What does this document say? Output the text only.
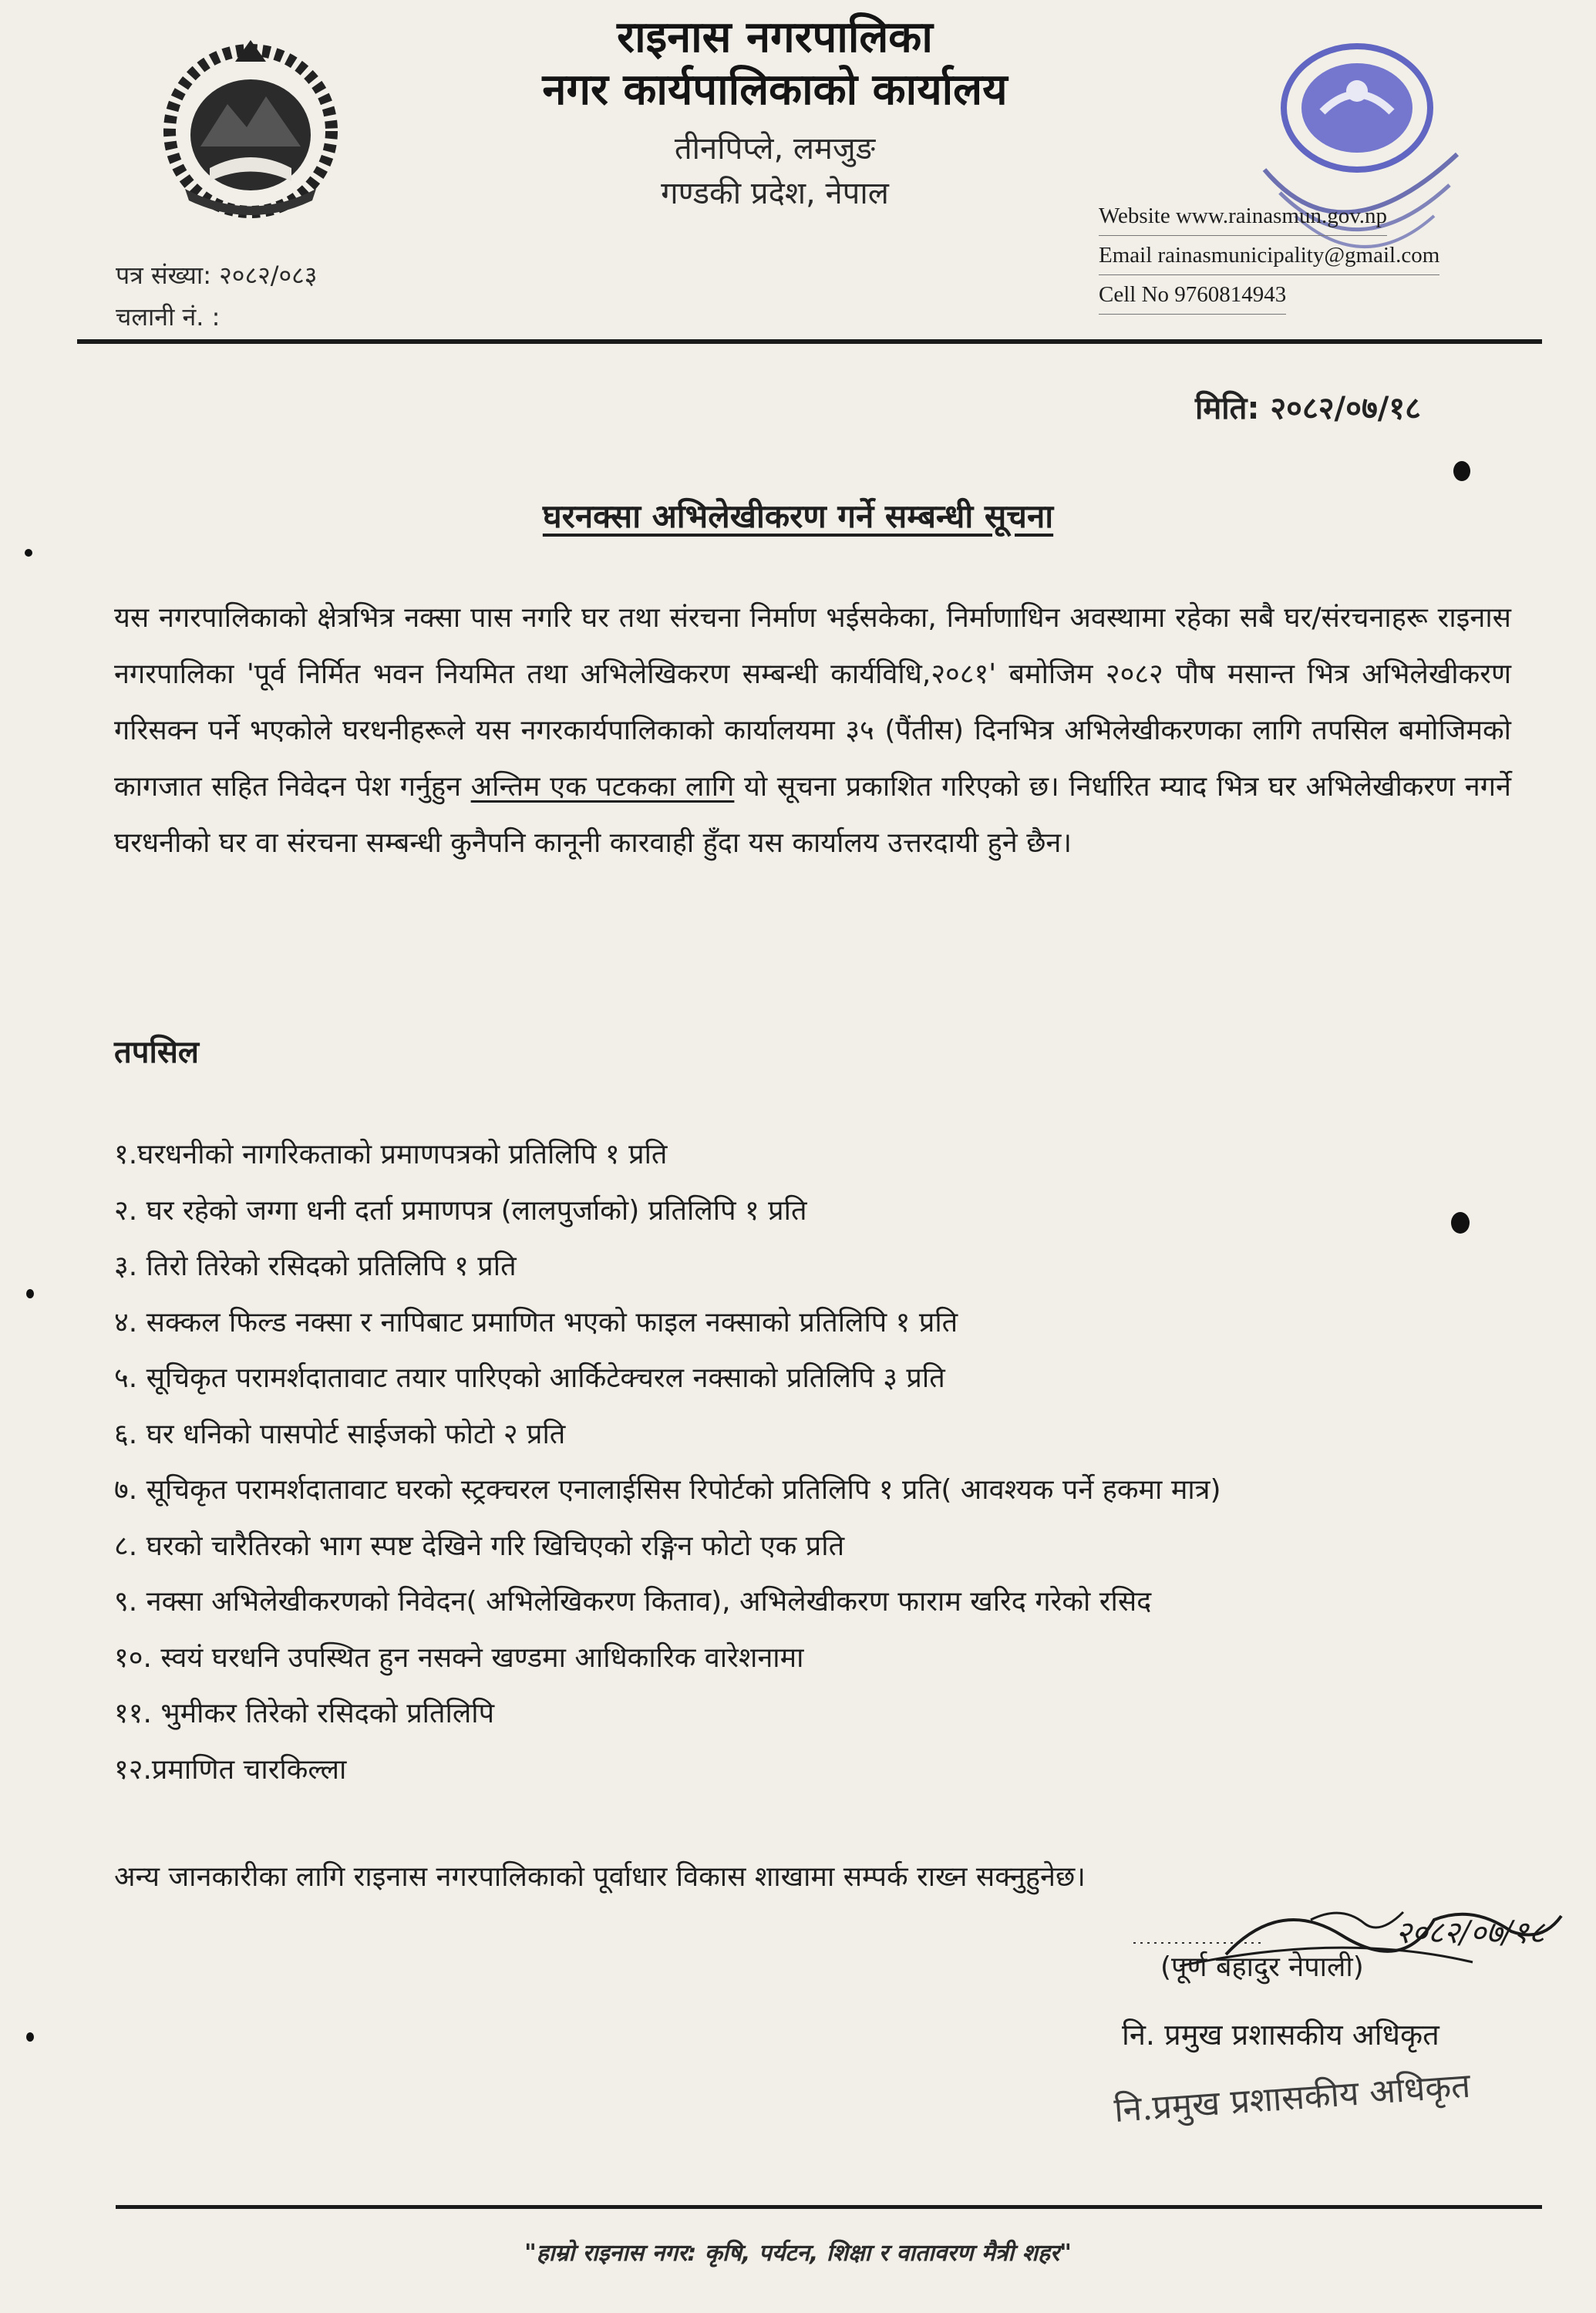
राइनास नगरपालिका
नगर कार्यपालिकाको कार्यालय
तीनपिप्ले, लमजुङ
गण्डकी प्रदेश, नेपाल
Website www.rainasmun.gov.np
Email rainasmunicipality@gmail.com
Cell No 9760814943
पत्र संख्या: २०८२/०८३
चलानी नं. :
मिति: २०८२/०७/१८
घरनक्सा अभिलेखीकरण गर्ने सम्बन्धी सूचना
यस नगरपालिकाको क्षेत्रभित्र नक्सा पास नगरि घर तथा संरचना निर्माण भईसकेका, निर्माणाधिन अवस्थामा रहेका सबै घर/संरचनाहरू राइनास नगरपालिका 'पूर्व निर्मित भवन नियमित तथा अभिलेखिकरण सम्बन्धी कार्यविधि,२०८१' बमोजिम २०८२ पौष मसान्त भित्र अभिलेखीकरण गरिसक्न पर्ने भएकोले घरधनीहरूले यस नगरकार्यपालिकाको कार्यालयमा ३५ (पैंतीस) दिनभित्र अभिलेखीकरणका लागि तपसिल बमोजिमको कागजात सहित निवेदन पेश गर्नुहुन अन्तिम एक पटकका लागि यो सूचना प्रकाशित गरिएको छ। निर्धारित म्याद भित्र घर अभिलेखीकरण नगर्ने घरधनीको घर वा संरचना सम्बन्धी कुनैपनि कानूनी कारवाही हुँदा यस कार्यालय उत्तरदायी हुने छैन।
तपसिल
१.घरधनीको नागरिकताको प्रमाणपत्रको प्रतिलिपि १ प्रति
२. घर रहेको जग्गा धनी दर्ता प्रमाणपत्र (लालपुर्जाको) प्रतिलिपि १ प्रति
३. तिरो तिरेको रसिदको प्रतिलिपि १ प्रति
४. सक्कल फिल्ड नक्सा र नापिबाट प्रमाणित भएको फाइल नक्साको प्रतिलिपि १ प्रति
५. सूचिकृत परामर्शदातावाट तयार पारिएको आर्किटेक्चरल नक्साको प्रतिलिपि ३ प्रति
६. घर धनिको पासपोर्ट साईजको फोटो २ प्रति
७. सूचिकृत परामर्शदातावाट घरको स्ट्रक्चरल एनालाईसिस रिपोर्टको प्रतिलिपि १ प्रति( आवश्यक पर्ने हकमा मात्र)
८. घरको चारैतिरको भाग स्पष्ट देखिने गरि खिचिएको रङ्गिन फोटो एक प्रति
९. नक्सा अभिलेखीकरणको निवेदन( अभिलेखिकरण किताव), अभिलेखीकरण फाराम खरिद गरेको रसिद
१०. स्वयं घरधनि उपस्थित हुन नसक्ने खण्डमा आधिकारिक वारेशनामा
११. भुमीकर तिरेको रसिदको प्रतिलिपि
१२.प्रमाणित चारकिल्ला
अन्य जानकारीका लागि राइनास नगरपालिकाको पूर्वाधार विकास शाखामा सम्पर्क राख्न सक्नुहुनेछ।
२०८२/०७/१८
(पूर्ण बहादुर नेपाली)
नि. प्रमुख प्रशासकीय अधिकृत
नि.प्रमुख प्रशासकीय अधिकृत
"हाम्रो राइनास नगर: कृषि, पर्यटन, शिक्षा र वातावरण मैत्री शहर"
